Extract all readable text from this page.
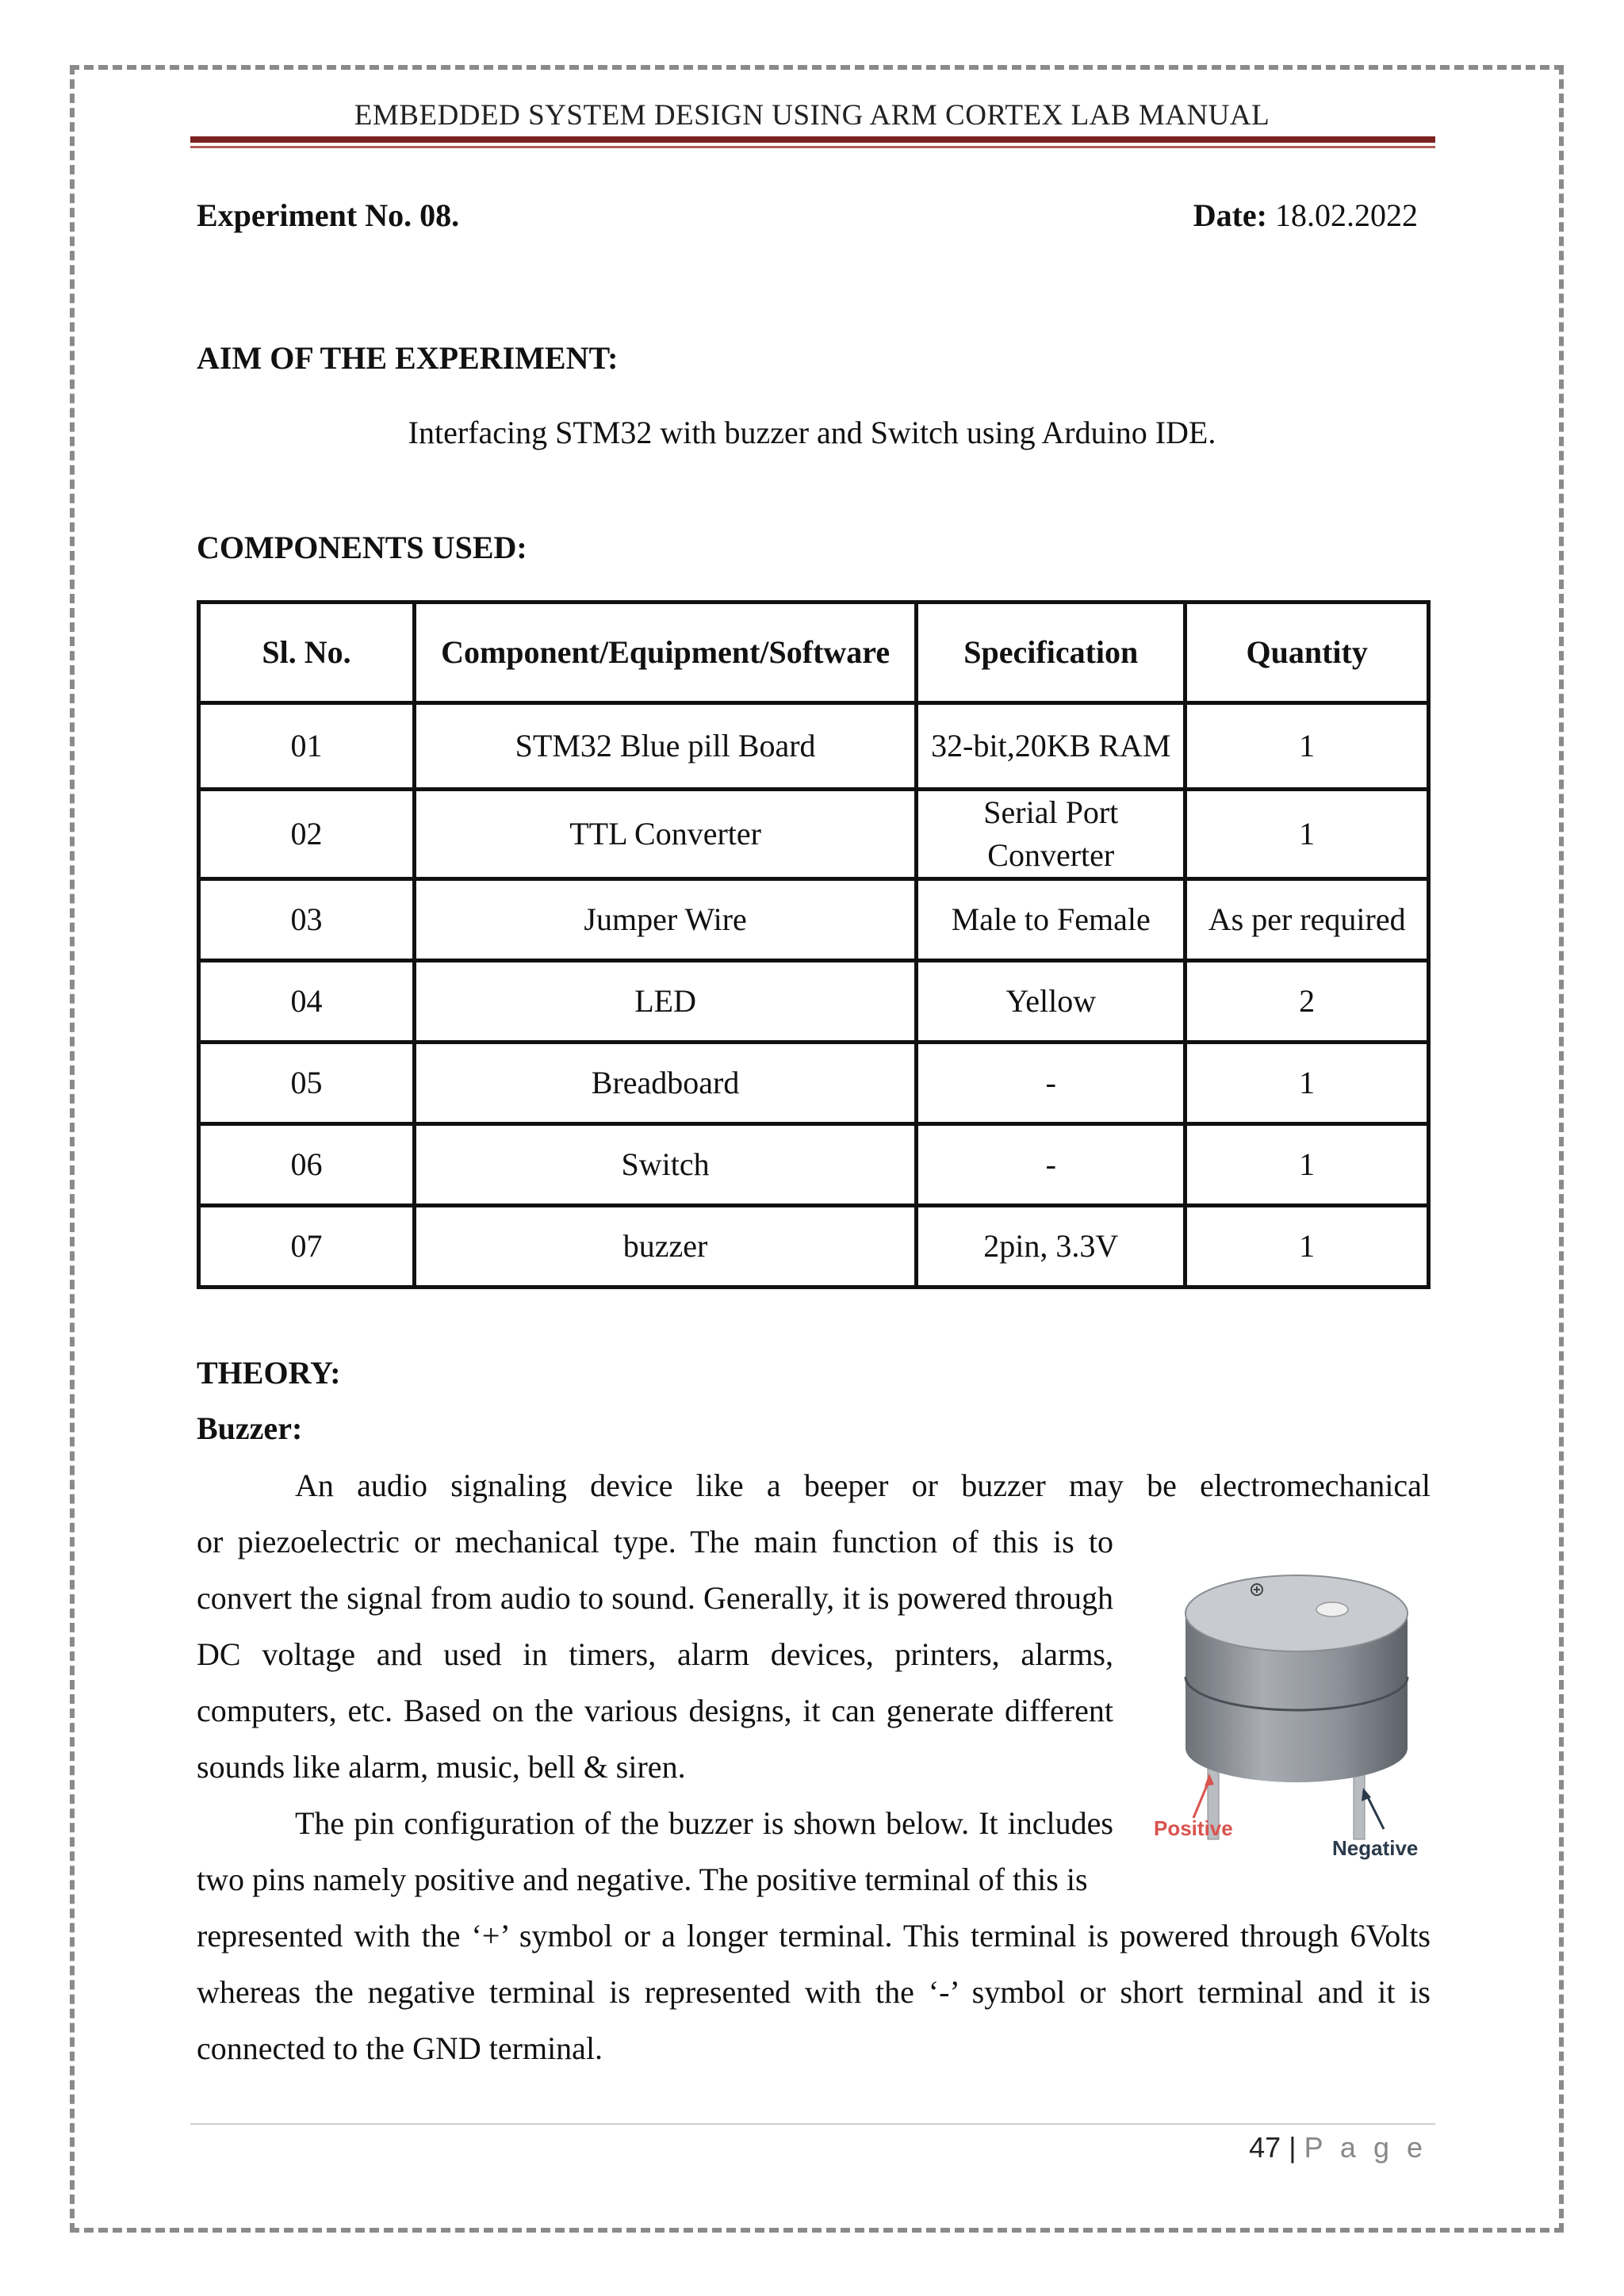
EMBEDDED SYSTEM DESIGN USING ARM CORTEX LAB MANUAL
Experiment No. 08.	Date: 18.02.2022
AIM OF THE EXPERIMENT:
Interfacing STM32 with buzzer and Switch using Arduino IDE.
COMPONENTS USED:
Sl. No.	Component/Equipment/Software	Specification	Quantity
01	STM32 Blue pill Board	32-bit,20KB RAM	1
02	TTL Converter	Serial Port Converter	1
03	Jumper Wire	Male to Female	As per required
04	LED	Yellow	2
05	Breadboard	-	1
06	Switch	-	1
07	buzzer	2pin, 3.3V	1
THEORY:
Buzzer:
An audio signaling device like a beeper or buzzer may be electromechanical
or piezoelectric or mechanical type. The main function of this is to convert the signal from audio to sound. Generally, it is powered through DC voltage and used in timers, alarm devices, printers, alarms, computers, etc. Based on the various designs, it can generate different sounds like alarm, music, bell & siren.
The pin configuration of the buzzer is shown below. It includes two pins namely positive and negative. The positive terminal of this is
represented with the ‘+’ symbol or a longer terminal. This terminal is powered through 6Volts whereas the negative terminal is represented with the ‘-’ symbol or short terminal and it is connected to the GND terminal.
Positive
Negative
47 | P a g e
